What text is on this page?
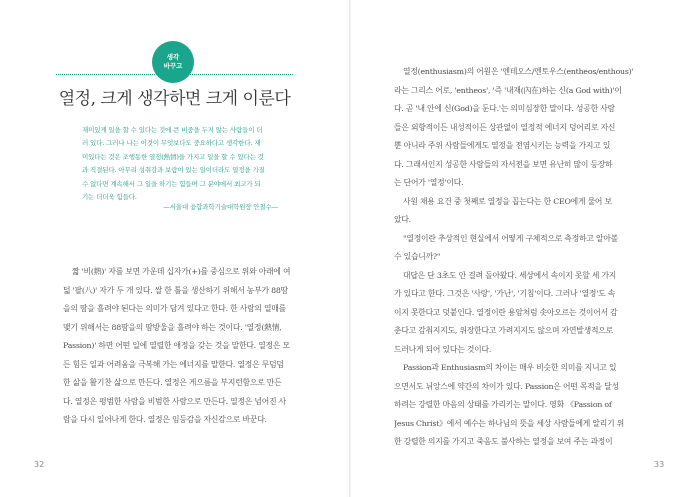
생각
바꾸고
열정, 크게 생각하면 크게 이룬다
재미있게 일을 할 수 있다는 것에 큰 비중을 두지 않는 사람들이 더
러 있다. 그러나 나는 이것이 무엇보다도 중요하다고 생각한다. 재
미있다는 것은 조행동한 열정(熱情)을 가지고 일을 할 수 있다는 것
과 직결된다. 아무리 성취감과 보람이 있는 일이더라도 열정을 가질
수 없다면 계속해서 그 일을 하기는 힘들며 그 분야에서 최고가 되
기는 더더욱 힘들다.
—서울대 융합과학기술대학원장 안철수—
짧 '비(熱)' 자를 보면 가운데 십자가(+)를 중심으로 위와 아래에 여
덟 '팔(八)' 자가 두 개 있다. 쌀 한 톨을 생산하기 위해서 농부가 88땀
을의 땀을 흘려야 된다는 의미가 담겨 있다고 한다. 한 사람의 열매를
맺기 위해서는 88땀을의 땀방울을 흘려야 하는 것이다. '열정(熱情,
Passion)' 하면 어떤 일에 열렬한 애정을 갖는 것을 말한다. 열정은 모
든 힘든 일과 어려움을 극복해 가는 에너지를 말한다. 열정은 무덤덤
한 삶을 활기찬 삶으로 만든다. 열정은 게으름을 부지런함으로 만든
다. 열정은 평범한 사람을 비범한 사람으로 만든다. 열정은 넘어진 사
람을 다시 일어나게 한다. 열정은 임등감을 자신감으로 바꾼다.
32
열정(enthusiasm)의 어원은 '엔테오스/엔토우스(entheos/enthous)'
라는 그리스 어로, 'entheos', '즉 '내재(內在)하는 신(a God with)'이
다. 곧 '내 안에 신(God)을 둔다.'는 의미심장한 말이다. 성공한 사람
들은 외향적이든 내성적이든 상관없이 열정적 에너지 덩어리로 자신
뿐 아니라 주위 사람들에게도 열정을 전염시키는 능력을 가지고 있
다. 그래서인지 성공한 사람들의 자서전을 보면 유난히 많이 등장하
는 단어가 '열정'이다.
사원 채용 요건 중 첫째로 열정을 꼽는다는 한 CEO에게 물어 보
았다.
"열정이란 추상적인 현실에서 어떻게 구체적으로 측정하고 알아볼
수 있습니까?"
대답은 단 3초도 안 걸려 돌아왔다. 세상에서 속이지 못할 세 가지
가 있다고 한다. 그것은 '사랑', '가난', '기침'이다. 그러나 '열정'도 속
이지 못한다고 덧붙인다. 열정이란 용암처럼 솟아오르는 것이어서 감
춘다고 감춰지지도, 위장한다고 가려지지도 않으며 자연발생적으로
드러나게 되어 있다는 것이다.
Passion과 Enthusiasm의 차이는 매우 비슷한 의미를 지니고 있
으면서도 뉘앙스에 약간의 차이가 있다. Passion은 어떤 목적을 달성
하려는 강렬한 마음의 상태를 가리키는 말이다. 영화 《Passion of
Jesus Christ》에서 예수는 하나님의 뜻을 세상 사람들에게 알리기 위
한 강렬한 의지를 가지고 죽음도 불사하는 열정을 보여 주는 과정이
33
